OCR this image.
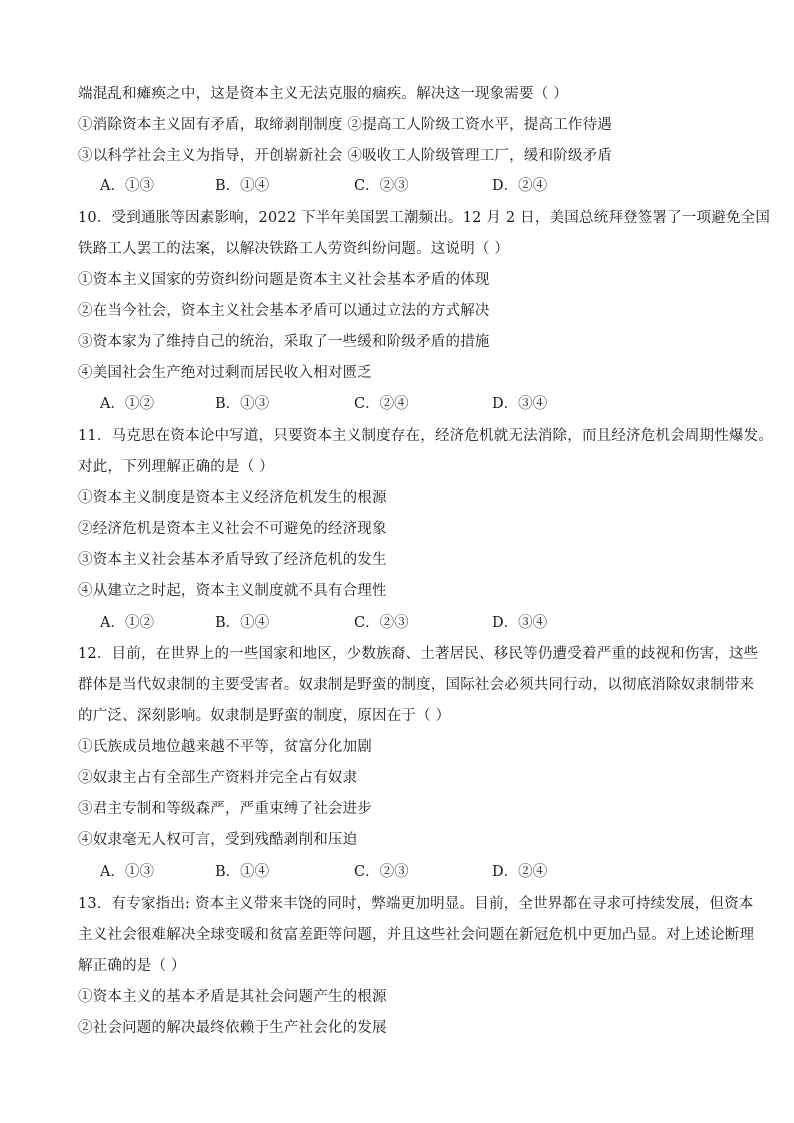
端混乱和瘫痪之中，这是资本主义无法克服的痼疾。解决这一现象需要（ ）
①消除资本主义固有矛盾，取缔剥削制度 ②提高工人阶级工资水平，提高工作待遇
③以科学社会主义为指导，开创崭新社会 ④吸收工人阶级管理工厂，缓和阶级矛盾
A．①③	B．①④	C．②③	D．②④
10．受到通胀等因素影响，2022 下半年美国罢工潮频出。12 月 2 日，美国总统拜登签署了一项避免全国
铁路工人罢工的法案，以解决铁路工人劳资纠纷问题。这说明（ ）
①资本主义国家的劳资纠纷问题是资本主义社会基本矛盾的体现
②在当今社会，资本主义社会基本矛盾可以通过立法的方式解决
③资本家为了维持自己的统治，采取了一些缓和阶级矛盾的措施
④美国社会生产绝对过剩而居民收入相对匮乏
A．①②	B．①③	C．②④	D．③④
11．马克思在资本论中写道，只要资本主义制度存在，经济危机就无法消除，而且经济危机会周期性爆发。
对此，下列理解正确的是（ ）
①资本主义制度是资本主义经济危机发生的根源
②经济危机是资本主义社会不可避免的经济现象
③资本主义社会基本矛盾导致了经济危机的发生
④从建立之时起，资本主义制度就不具有合理性
A．①②	B．①④	C．②③	D．③④
12．目前，在世界上的一些国家和地区，少数族裔、土著居民、移民等仍遭受着严重的歧视和伤害，这些
群体是当代奴隶制的主要受害者。奴隶制是野蛮的制度，国际社会必须共同行动，以彻底消除奴隶制带来
的广泛、深刻影响。奴隶制是野蛮的制度，原因在于（ ）
①氏族成员地位越来越不平等，贫富分化加剧
②奴隶主占有全部生产资料并完全占有奴隶
③君主专制和等级森严，严重束缚了社会进步
④奴隶毫无人权可言，受到残酷剥削和压迫
A．①③	B．①④	C．②③	D．②④
13．有专家指出: 资本主义带来丰饶的同时，弊端更加明显。目前，全世界都在寻求可持续发展，但资本
主义社会很难解决全球变暖和贫富差距等问题，并且这些社会问题在新冠危机中更加凸显。对上述论断理
解正确的是（ ）
①资本主义的基本矛盾是其社会问题产生的根源
②社会问题的解决最终依赖于生产社会化的发展
